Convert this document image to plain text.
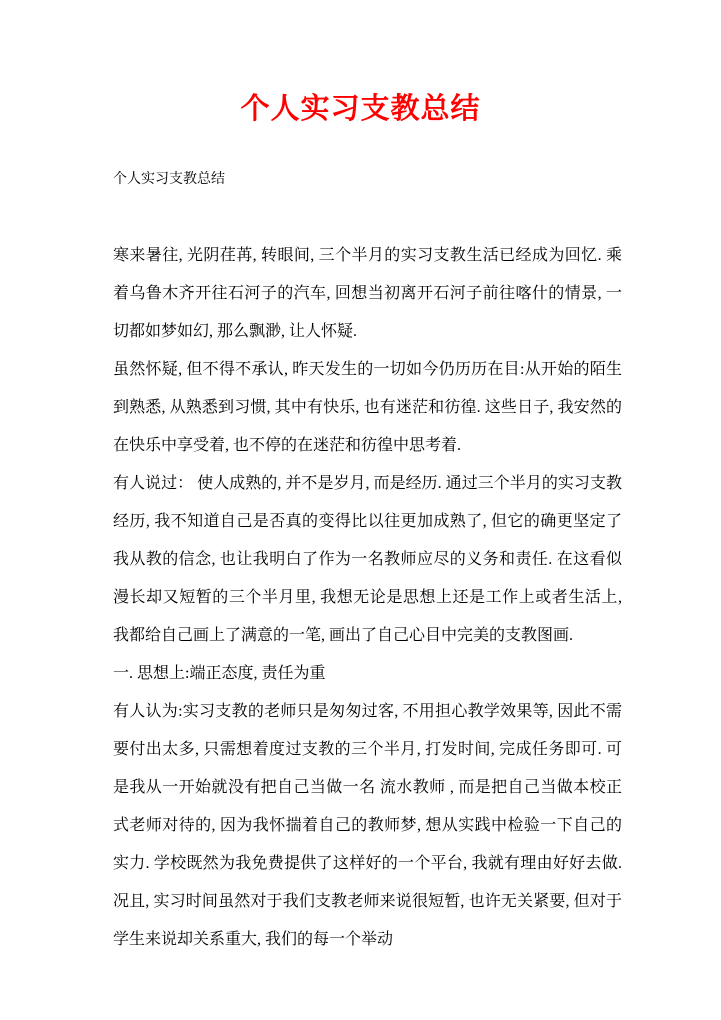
个人实习支教总结

个人实习支教总结

寒来暑往, 光阴荏苒, 转眼间, 三个半月的实习支教生活已经成为回忆. 乘着乌鲁木齐开往石河子的汽车, 回想当初离开石河子前往喀什的情景, 一切都如梦如幻, 那么飘渺, 让人怀疑.

虽然怀疑, 但不得不承认, 昨天发生的一切如今仍历历在目:从开始的陌生到熟悉, 从熟悉到习惯, 其中有快乐, 也有迷茫和彷徨. 这些日子, 我安然的在快乐中享受着, 也不停的在迷茫和彷徨中思考着.

有人说过： 使人成熟的, 并不是岁月, 而是经历. 通过三个半月的实习支教经历, 我不知道自己是否真的变得比以往更加成熟了, 但它的确更坚定了我从教的信念, 也让我明白了作为一名教师应尽的义务和责任. 在这看似漫长却又短暂的三个半月里, 我想无论是思想上还是工作上或者生活上, 我都给自己画上了满意的一笔, 画出了自己心目中完美的支教图画.

一. 思想上:端正态度, 责任为重

有人认为:实习支教的老师只是匆匆过客, 不用担心教学效果等, 因此不需要付出太多, 只需想着度过支教的三个半月, 打发时间, 完成任务即可. 可是我从一开始就没有把自己当做一名 流水教师 , 而是把自己当做本校正式老师对待的, 因为我怀揣着自己的教师梦, 想从实践中检验一下自己的实力. 学校既然为我免费提供了这样好的一个平台, 我就有理由好好去做. 况且, 实习时间虽然对于我们支教老师来说很短暂, 也许无关紧要, 但对于学生来说却关系重大, 我们的每一个举动
